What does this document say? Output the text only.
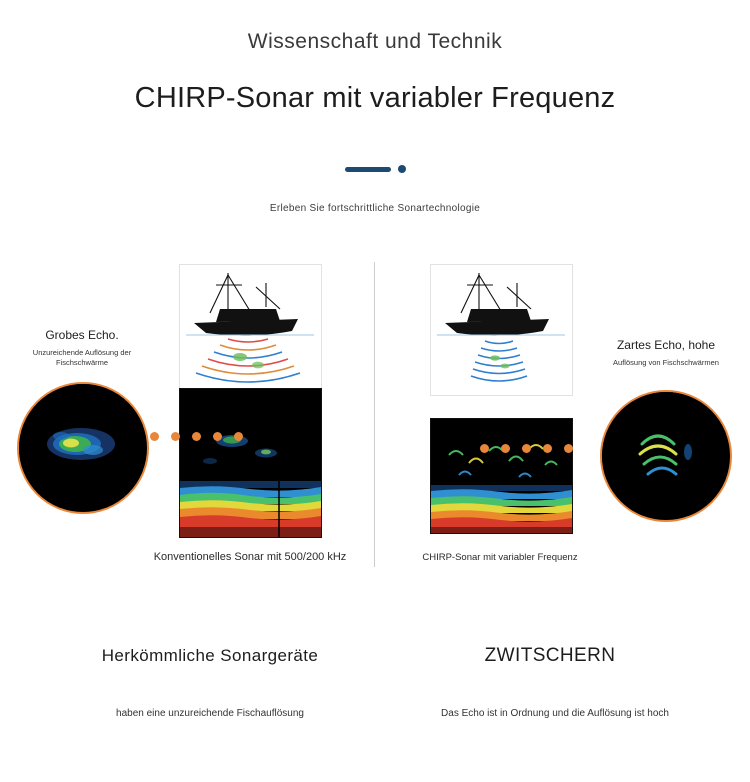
Wissenschaft und Technik
CHIRP-Sonar mit variabler Frequenz
Erleben Sie fortschrittliche Sonartechnologie
Konventionelles Sonar mit 500/200 kHz	CHIRP-Sonar mit variabler Frequenz
Grobes Echo.
Unzureichende Auflösung der Fischschwärme
Zartes Echo, hohe
Auflösung von Fischschwärmen
Herkömmliche Sonargeräte	ZWITSCHERN
haben eine unzureichende Fischauflösung	Das Echo ist in Ordnung und die Auflösung ist hoch
